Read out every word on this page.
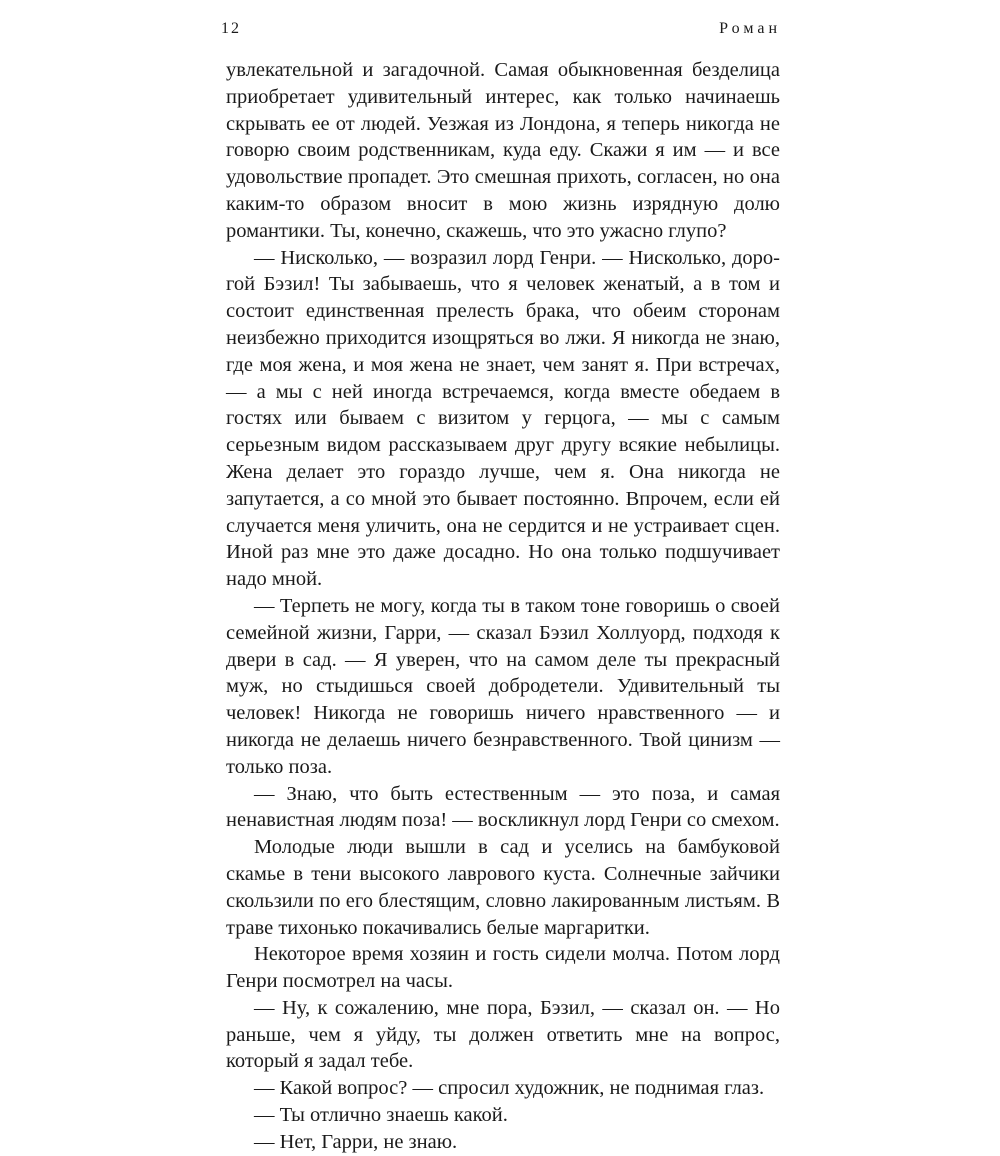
12	Роман

увлекательной и загадочной. Самая обыкновенная безделица приобретает удивительный интерес, как только начинаешь скрывать ее от людей. Уезжая из Лондона, я теперь никогда не говорю своим родственникам, куда еду. Скажи я им — и все удовольствие пропадет. Это смешная прихоть, согласен, но она каким-то образом вносит в мою жизнь изрядную долю романтики. Ты, конечно, скажешь, что это ужасно глупо?

— Нисколько, — возразил лорд Генри. — Нисколько, дорогой Бэзил! Ты забываешь, что я человек женатый, а в том и состоит единственная прелесть брака, что обеим сторонам неизбежно приходится изощряться во лжи. Я никогда не знаю, где моя жена, и моя жена не знает, чем занят я. При встречах, — а мы с ней иногда встречаемся, когда вместе обедаем в гостях или бываем с визитом у герцога, — мы с самым серьезным видом рассказываем друг другу всякие небылицы. Жена делает это гораздо лучше, чем я. Она никогда не запутается, а со мной это бывает постоянно. Впрочем, если ей случается меня уличить, она не сердится и не устраивает сцен. Иной раз мне это даже досадно. Но она только подшучивает надо мной.

— Терпеть не могу, когда ты в таком тоне говоришь о своей семейной жизни, Гарри, — сказал Бэзил Холлуорд, подходя к двери в сад. — Я уверен, что на самом деле ты прекрасный муж, но стыдишься своей добродетели. Удивительный ты человек! Никогда не говоришь ничего нравственного — и никогда не делаешь ничего безнравственного. Твой цинизм — только поза.

— Знаю, что быть естественным — это поза, и самая ненавистная людям поза! — воскликнул лорд Генри со смехом.

Молодые люди вышли в сад и уселись на бамбуковой скамье в тени высокого лаврового куста. Солнечные зайчики скользили по его блестящим, словно лакированным листьям. В траве тихонько покачивались белые маргаритки.

Некоторое время хозяин и гость сидели молча. Потом лорд Генри посмотрел на часы.

— Ну, к сожалению, мне пора, Бэзил, — сказал он. — Но раньше, чем я уйду, ты должен ответить мне на вопрос, который я задал тебе.

— Какой вопрос? — спросил художник, не поднимая глаз.

— Ты отлично знаешь какой.

— Нет, Гарри, не знаю.
